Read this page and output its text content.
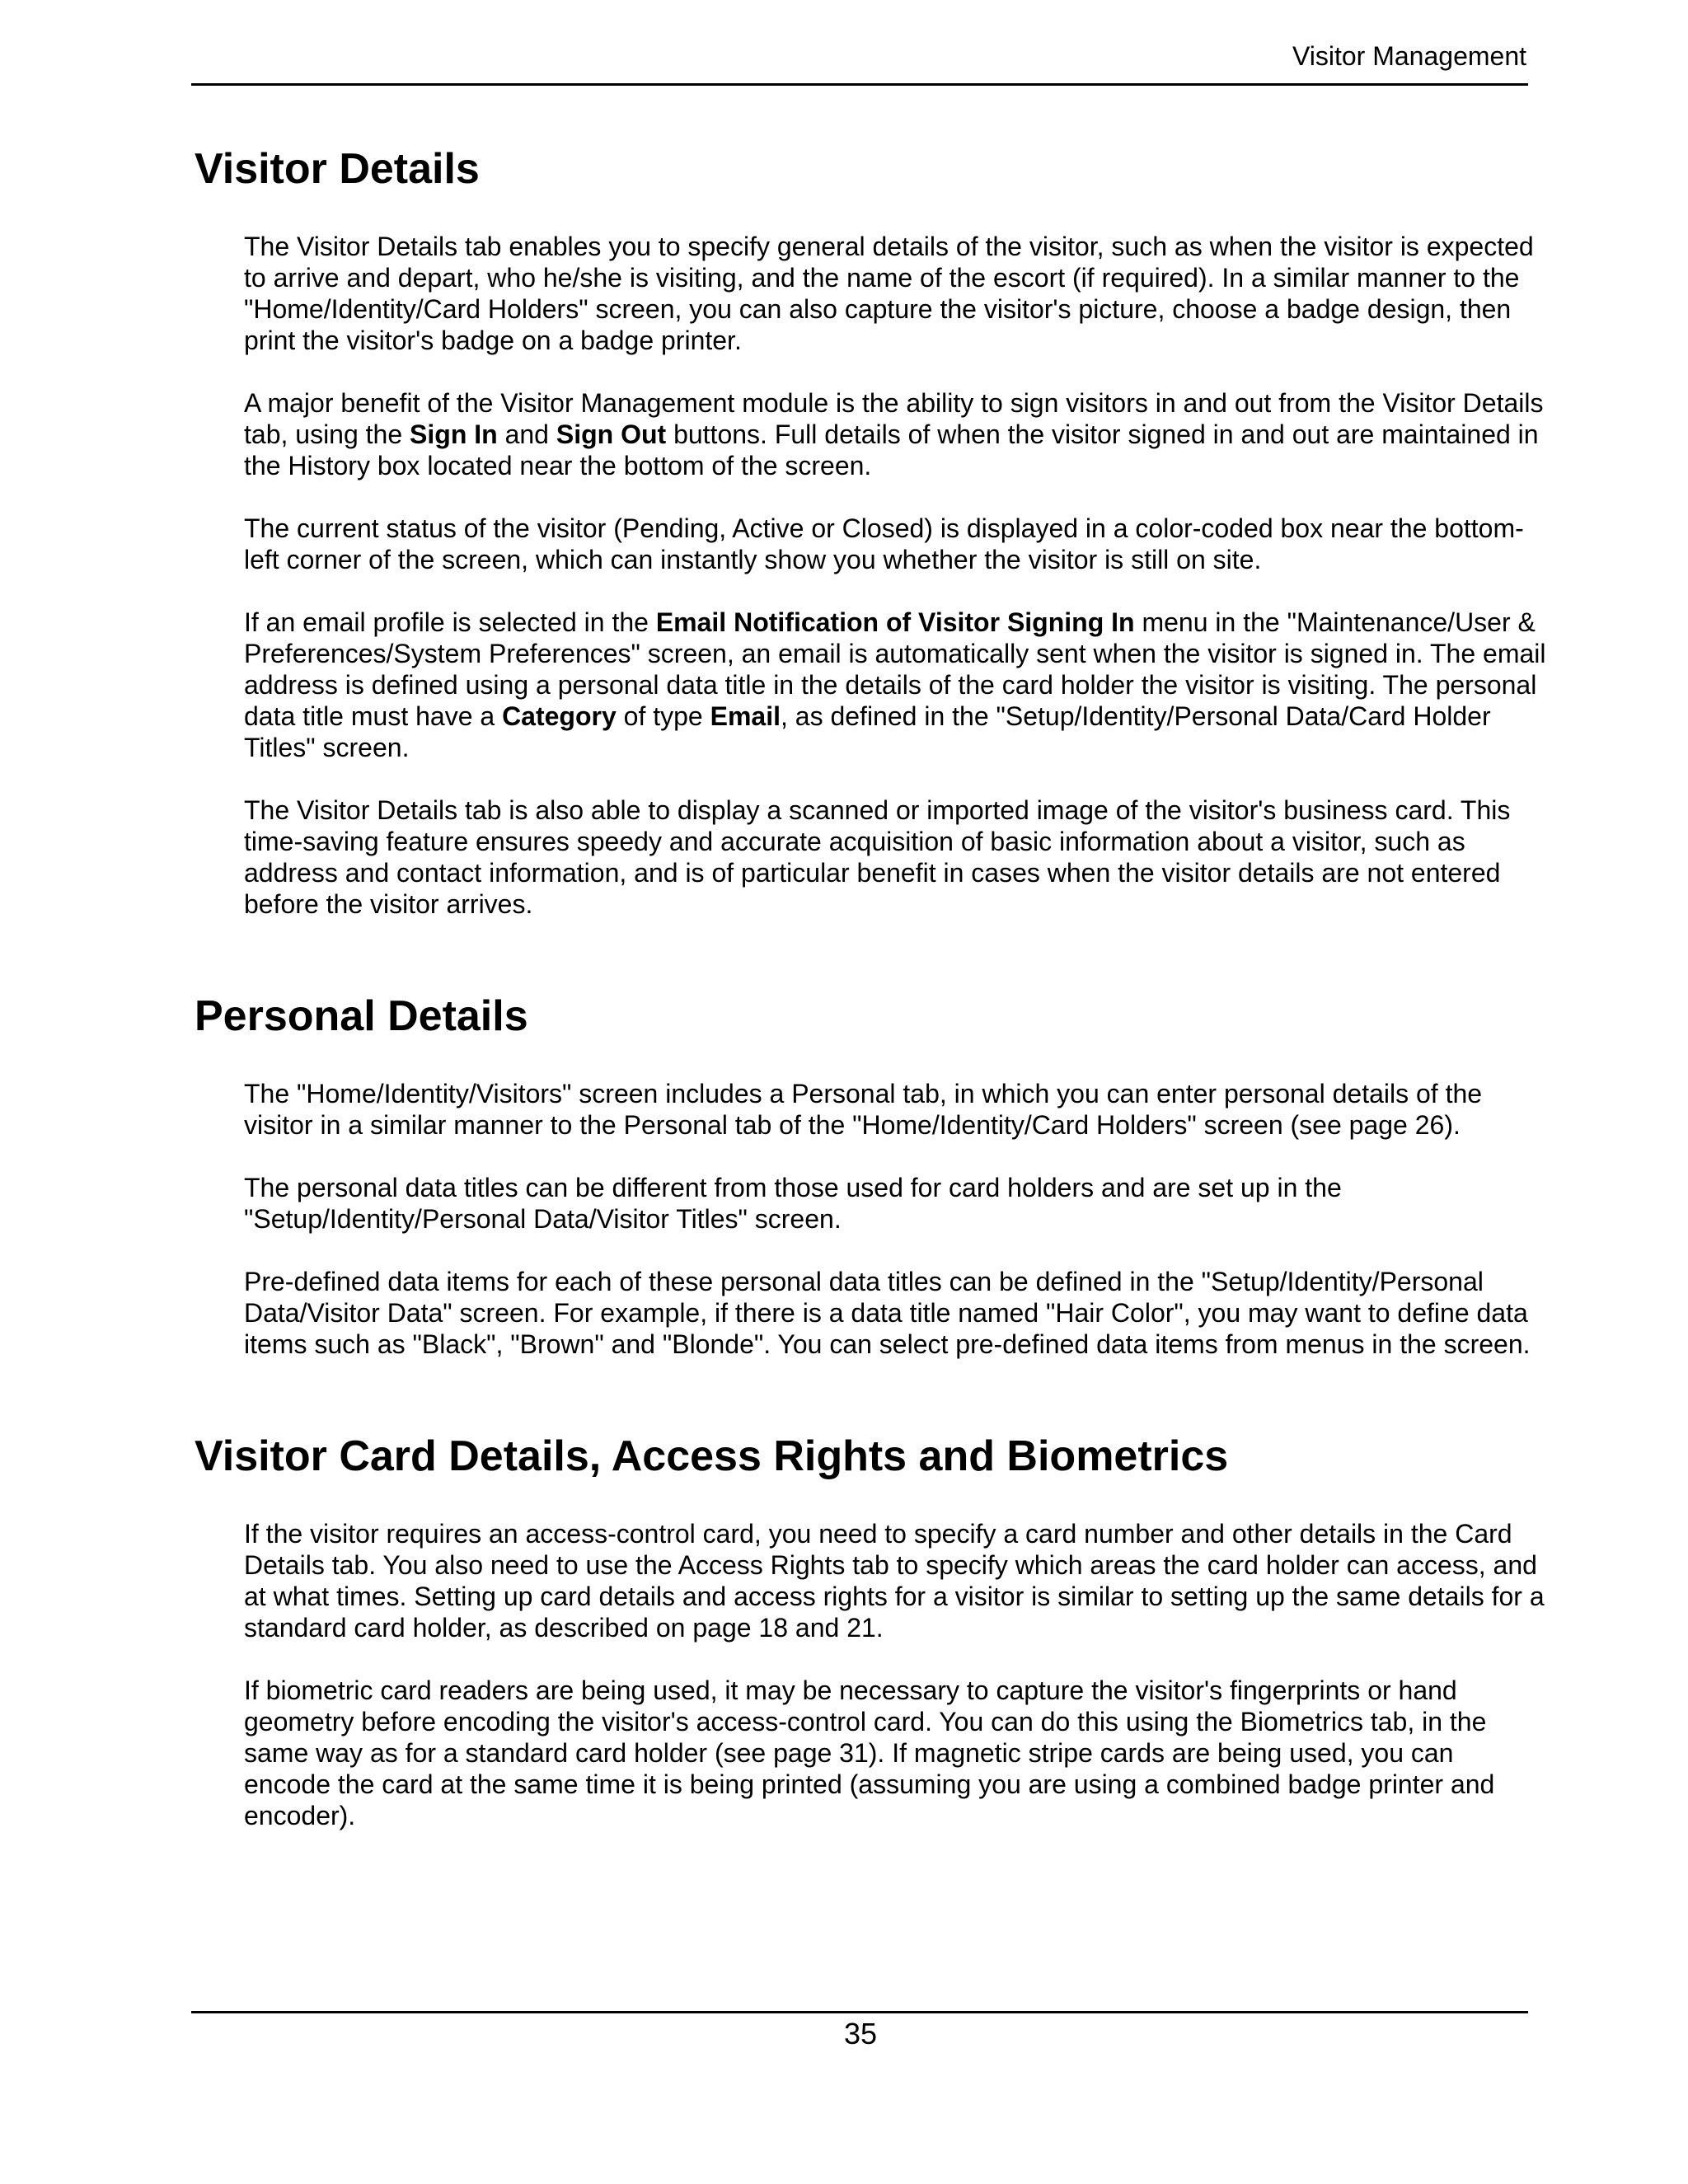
Visitor Management
Visitor Details

The Visitor Details tab enables you to specify general details of the visitor, such as when the visitor is expected to arrive and depart, who he/she is visiting, and the name of the escort (if required). In a similar manner to the "Home/Identity/Card Holders" screen, you can also capture the visitor's picture, choose a badge design, then print the visitor's badge on a badge printer.

A major benefit of the Visitor Management module is the ability to sign visitors in and out from the Visitor Details tab, using the Sign In and Sign Out buttons. Full details of when the visitor signed in and out are maintained in the History box located near the bottom of the screen.

The current status of the visitor (Pending, Active or Closed) is displayed in a color-coded box near the bottom-left corner of the screen, which can instantly show you whether the visitor is still on site.

If an email profile is selected in the Email Notification of Visitor Signing In menu in the "Maintenance/User & Preferences/System Preferences" screen, an email is automatically sent when the visitor is signed in. The email address is defined using a personal data title in the details of the card holder the visitor is visiting. The personal data title must have a Category of type Email, as defined in the "Setup/Identity/Personal Data/Card Holder Titles" screen.

The Visitor Details tab is also able to display a scanned or imported image of the visitor's business card. This time-saving feature ensures speedy and accurate acquisition of basic information about a visitor, such as address and contact information, and is of particular benefit in cases when the visitor details are not entered before the visitor arrives.

Personal Details

The "Home/Identity/Visitors" screen includes a Personal tab, in which you can enter personal details of the visitor in a similar manner to the Personal tab of the "Home/Identity/Card Holders" screen (see page 26).

The personal data titles can be different from those used for card holders and are set up in the "Setup/Identity/Personal Data/Visitor Titles" screen.

Pre-defined data items for each of these personal data titles can be defined in the "Setup/Identity/Personal Data/Visitor Data" screen. For example, if there is a data title named "Hair Color", you may want to define data items such as "Black", "Brown" and "Blonde". You can select pre-defined data items from menus in the screen.

Visitor Card Details, Access Rights and Biometrics

If the visitor requires an access-control card, you need to specify a card number and other details in the Card Details tab. You also need to use the Access Rights tab to specify which areas the card holder can access, and at what times. Setting up card details and access rights for a visitor is similar to setting up the same details for a standard card holder, as described on page 18 and 21.

If biometric card readers are being used, it may be necessary to capture the visitor's fingerprints or hand geometry before encoding the visitor's access-control card. You can do this using the Biometrics tab, in the same way as for a standard card holder (see page 31). If magnetic stripe cards are being used, you can encode the card at the same time it is being printed (assuming you are using a combined badge printer and encoder).

35
